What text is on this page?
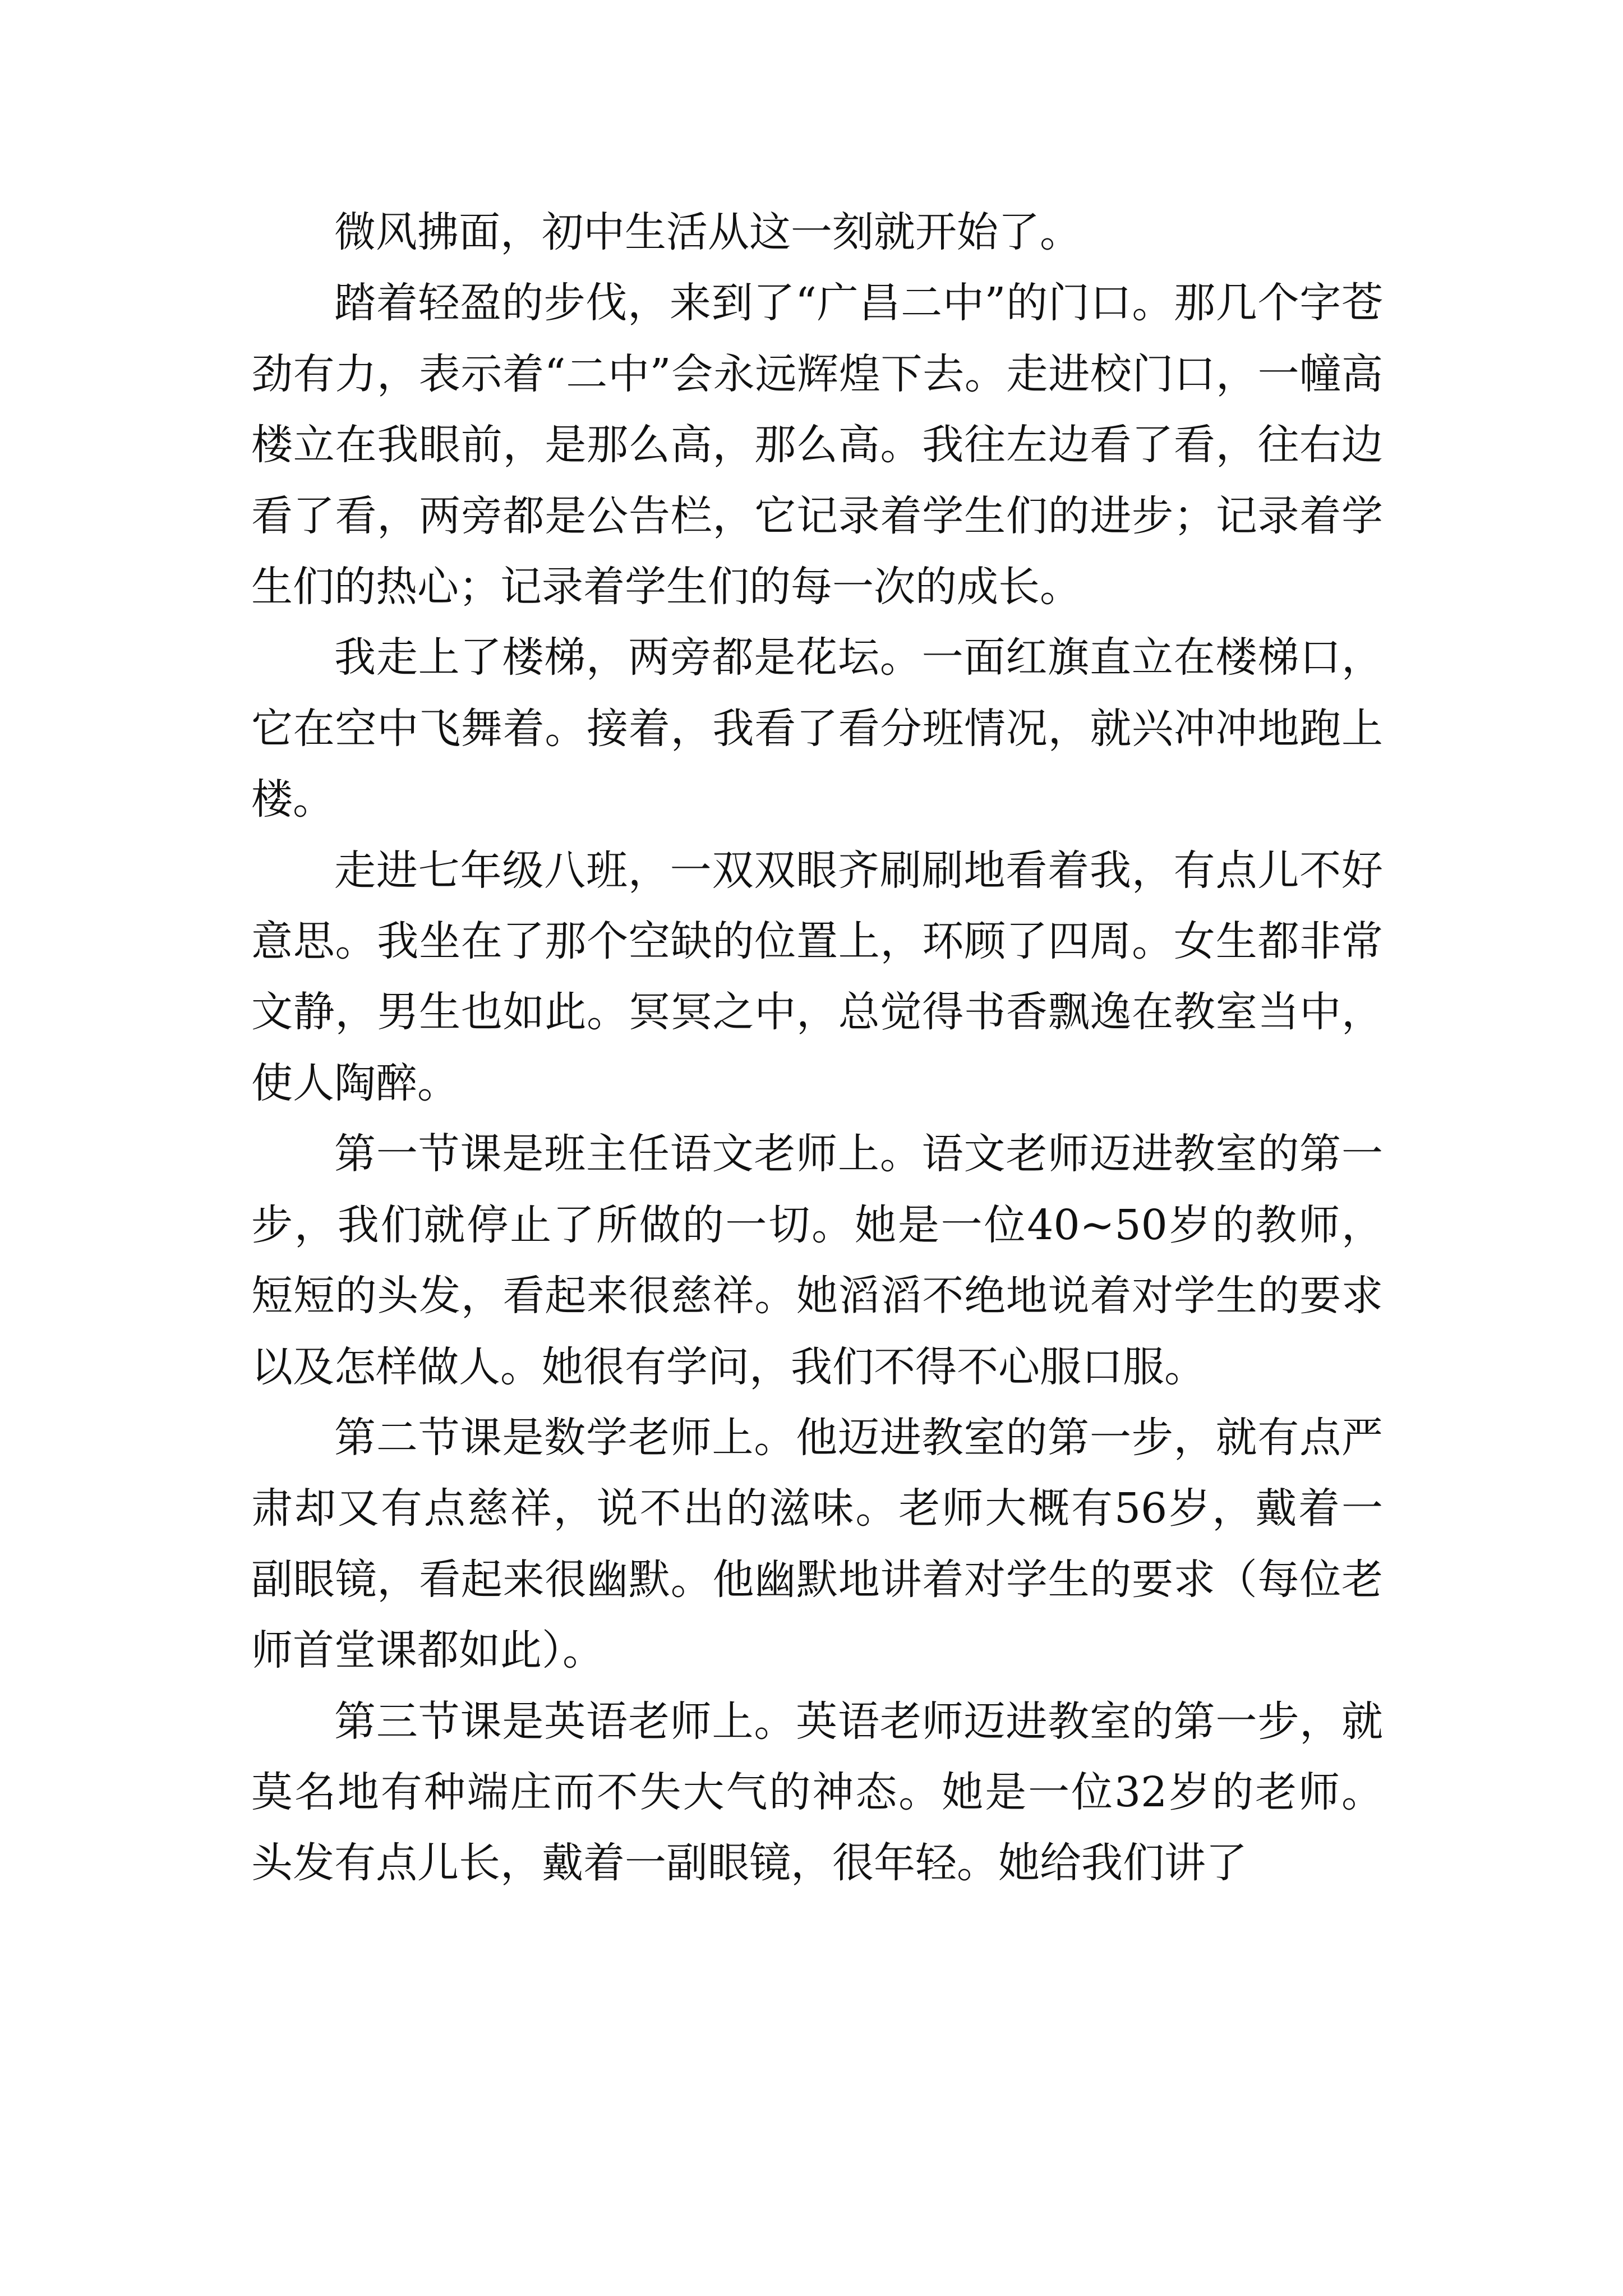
微风拂面，初中生活从这一刻就开始了。

踏着轻盈的步伐，来到了“广昌二中”的门口。那几个字苍劲有力，表示着“二中”会永远辉煌下去。走进校门口，一幢高楼立在我眼前，是那么高，那么高。我往左边看了看，往右边看了看，两旁都是公告栏，它记录着学生们的进步；记录着学生们的热心；记录着学生们的每一次的成长。

我走上了楼梯，两旁都是花坛。一面红旗直立在楼梯口，它在空中飞舞着。接着，我看了看分班情况，就兴冲冲地跑上楼。

走进七年级八班，一双双眼齐刷刷地看着我，有点儿不好意思。我坐在了那个空缺的位置上，环顾了四周。女生都非常文静，男生也如此。冥冥之中，总觉得书香飘逸在教室当中，使人陶醉。

第一节课是班主任语文老师上。语文老师迈进教室的第一步，我们就停止了所做的一切。她是一位40~50岁的教师，短短的头发，看起来很慈祥。她滔滔不绝地说着对学生的要求以及怎样做人。她很有学问，我们不得不心服口服。

第二节课是数学老师上。他迈进教室的第一步，就有点严肃却又有点慈祥，说不出的滋味。老师大概有56岁，戴着一副眼镜，看起来很幽默。他幽默地讲着对学生的要求（每位老师首堂课都如此）。

第三节课是英语老师上。英语老师迈进教室的第一步，就莫名地有种端庄而不失大气的神态。她是一位32岁的老师。头发有点儿长，戴着一副眼镜，很年轻。她给我们讲了
